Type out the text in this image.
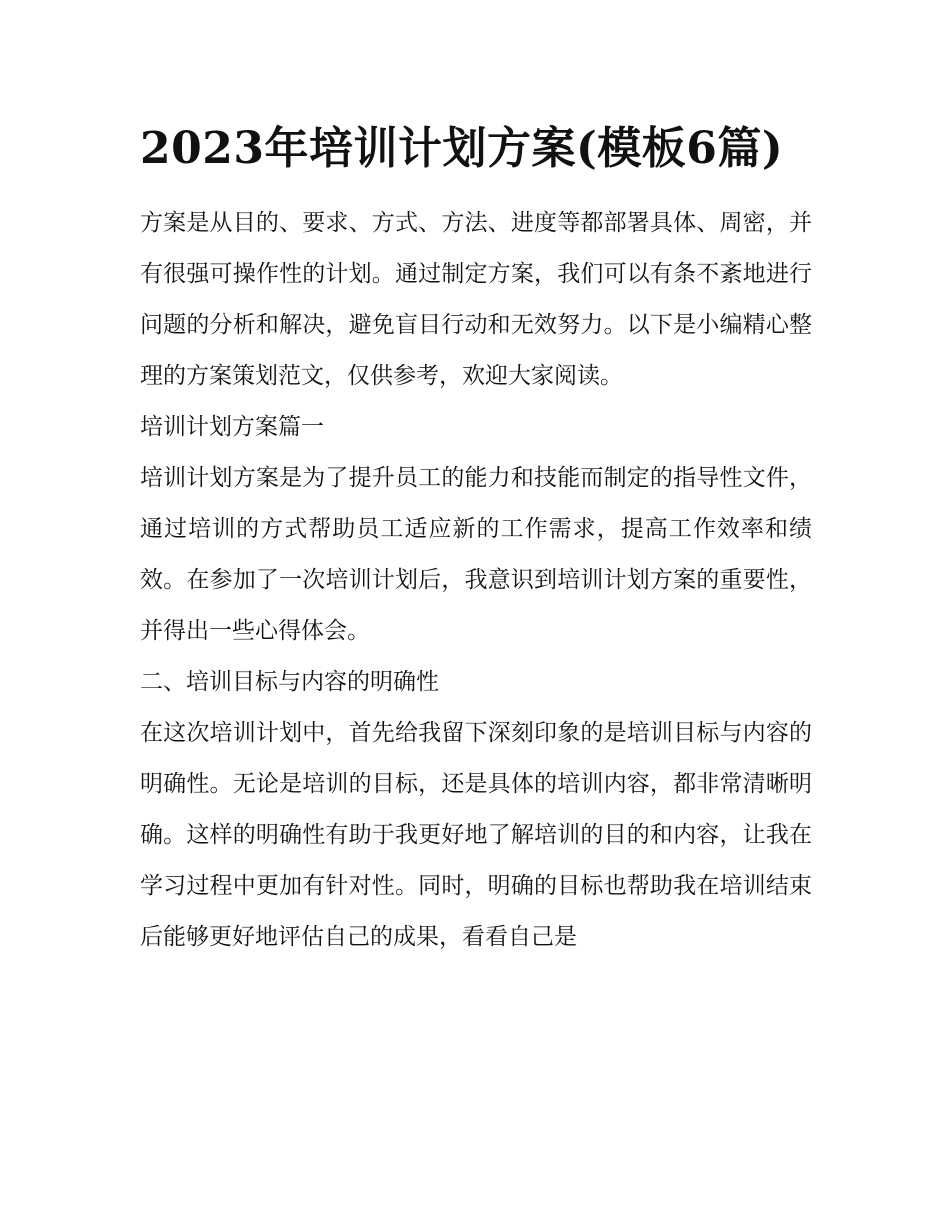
2023年培训计划方案(模板6篇)

方案是从目的、要求、方式、方法、进度等都部署具体、周密，并有很强可操作性的计划。通过制定方案，我们可以有条不紊地进行问题的分析和解决，避免盲目行动和无效努力。以下是小编精心整理的方案策划范文，仅供参考，欢迎大家阅读。

培训计划方案篇一

培训计划方案是为了提升员工的能力和技能而制定的指导性文件，通过培训的方式帮助员工适应新的工作需求，提高工作效率和绩效。在参加了一次培训计划后，我意识到培训计划方案的重要性，并得出一些心得体会。

二、培训目标与内容的明确性

在这次培训计划中，首先给我留下深刻印象的是培训目标与内容的明确性。无论是培训的目标，还是具体的培训内容，都非常清晰明确。这样的明确性有助于我更好地了解培训的目的和内容，让我在学习过程中更加有针对性。同时，明确的目标也帮助我在培训结束后能够更好地评估自己的成果，看看自己是
